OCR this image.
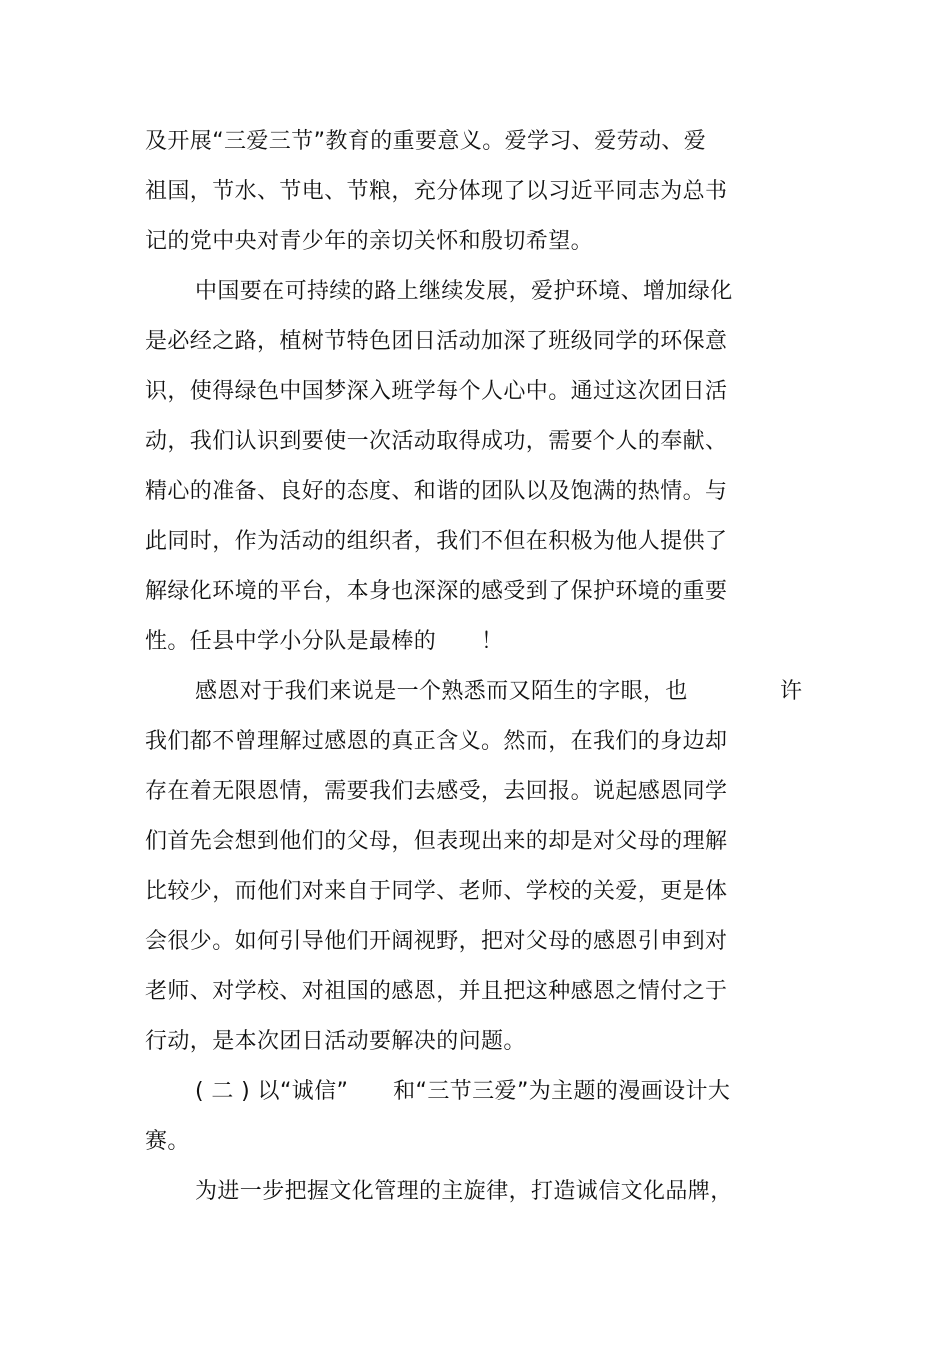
及开展“三爱三节”教育的重要意义。爱学习、爱劳动、爱
祖国，节水、节电、节粮，充分体现了以习近平同志为总书
记的党中央对青少年的亲切关怀和殷切希望。
中国要在可持续的路上继续发展，爱护环境、增加绿化
是必经之路，植树节特色团日活动加深了班级同学的环保意
识，使得绿色中国梦深入班学每个人心中。通过这次团日活
动，我们认识到要使一次活动取得成功，需要个人的奉献、
精心的准备、良好的态度、和谐的团队以及饱满的热情。与
此同时，作为活动的组织者，我们不但在积极为他人提供了
解绿化环境的平台，本身也深深的感受到了保护环境的重要
性。任县中学小分队是最棒的　　！
感恩对于我们来说是一个熟悉而又陌生的字眼，也	许
我们都不曾理解过感恩的真正含义。然而，在我们的身边却
存在着无限恩情，需要我们去感受，去回报。说起感恩同学
们首先会想到他们的父母，但表现出来的却是对父母的理解
比较少，而他们对来自于同学、老师、学校的关爱，更是体
会很少。如何引导他们开阔视野，把对父母的感恩引申到对
老师、对学校、对祖国的感恩，并且把这种感恩之情付之于
行动，是本次团日活动要解决的问题。
( 二 ) 以“诚信”　　和“三节三爱”为主题的漫画设计大
赛。
为进一步把握文化管理的主旋律，打造诚信文化品牌，
